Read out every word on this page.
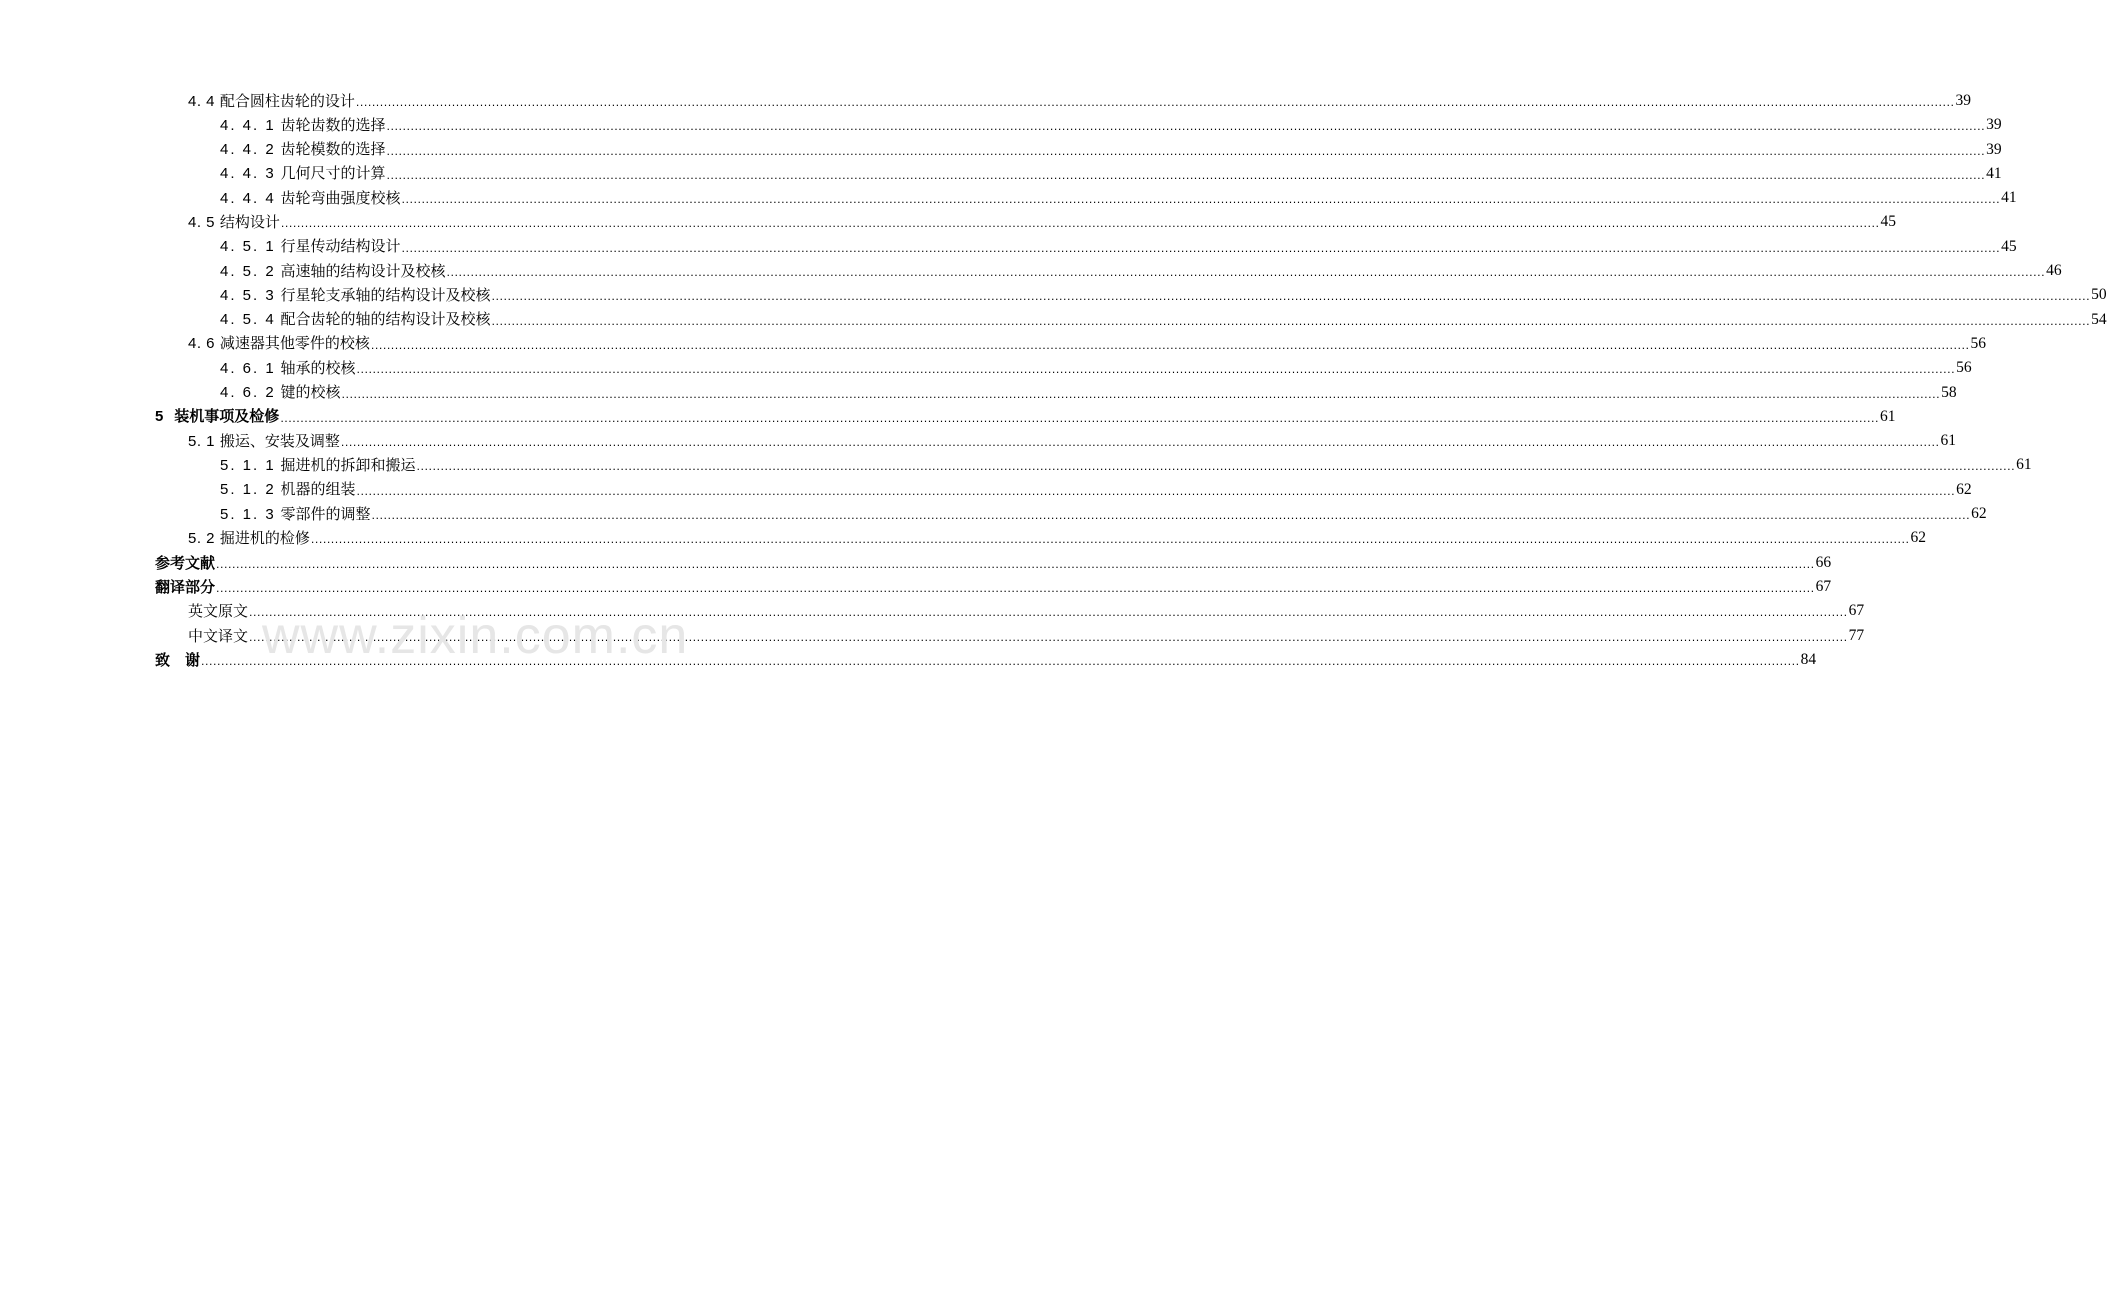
4. 4 配合圆柱齿轮的设计 ................................................................................................................................................................................................................................................................................................................................................................................................................ 39
4. 4. 1 齿轮齿数的选择 ................................................................................................................................................................................................................................................................................................................................................................................................................ 39
4. 4. 2 齿轮模数的选择 ................................................................................................................................................................................................................................................................................................................................................................................................................ 39
4. 4. 3 几何尺寸的计算 ................................................................................................................................................................................................................................................................................................................................................................................................................ 41
4. 4. 4 齿轮弯曲强度校核 ................................................................................................................................................................................................................................................................................................................................................................................................................ 41
4. 5 结构设计 ................................................................................................................................................................................................................................................................................................................................................................................................................ 45
4. 5. 1 行星传动结构设计 ................................................................................................................................................................................................................................................................................................................................................................................................................ 45
4. 5. 2 高速轴的结构设计及校核 ................................................................................................................................................................................................................................................................................................................................................................................................................ 46
4. 5. 3 行星轮支承轴的结构设计及校核 ................................................................................................................................................................................................................................................................................................................................................................................................................ 50
4. 5. 4 配合齿轮的轴的结构设计及校核 ................................................................................................................................................................................................................................................................................................................................................................................................................ 54
4. 6 减速器其他零件的校核 ................................................................................................................................................................................................................................................................................................................................................................................................................ 56
4. 6. 1 轴承的校核 ................................................................................................................................................................................................................................................................................................................................................................................................................ 56
4. 6. 2 键的校核 ................................................................................................................................................................................................................................................................................................................................................................................................................ 58
5 装机事项及检修 ................................................................................................................................................................................................................................................................................................................................................................................................................ 61
5. 1 搬运、安装及调整 ................................................................................................................................................................................................................................................................................................................................................................................................................ 61
5. 1. 1 掘进机的拆卸和搬运 ................................................................................................................................................................................................................................................................................................................................................................................................................ 61
5. 1. 2 机器的组装 ................................................................................................................................................................................................................................................................................................................................................................................................................ 62
5. 1. 3 零部件的调整 ................................................................................................................................................................................................................................................................................................................................................................................................................ 62
5. 2 掘进机的检修 ................................................................................................................................................................................................................................................................................................................................................................................................................ 62
参考文献 ................................................................................................................................................................................................................................................................................................................................................................................................................ 66
翻译部分 ................................................................................................................................................................................................................................................................................................................................................................................................................ 67
英文原文 ................................................................................................................................................................................................................................................................................................................................................................................................................ 67
中文译文 ................................................................................................................................................................................................................................................................................................................................................................................................................ 77
致　谢 ................................................................................................................................................................................................................................................................................................................................................................................................................ 84
www.zixin.com.cn
